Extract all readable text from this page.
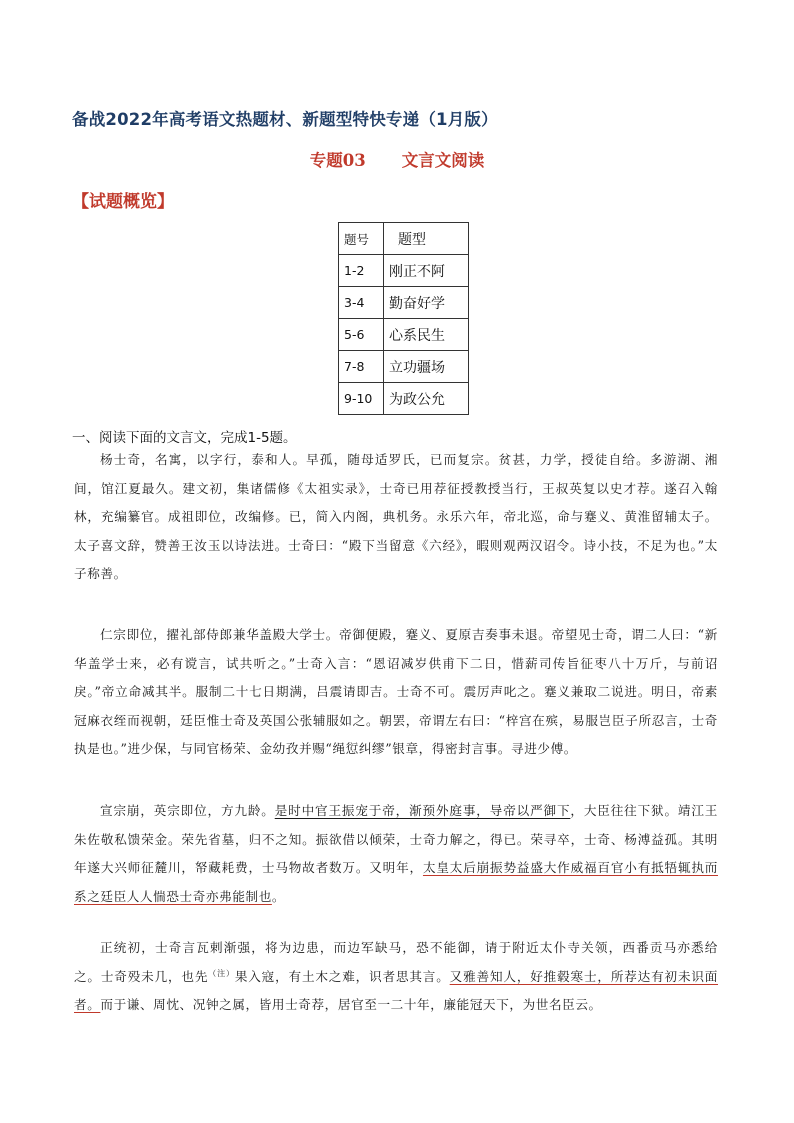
备战2022年高考语文热题材、新题型特快专递（1月版）
专题03 文言文阅读
【试题概览】
题号	题型
1-2	刚正不阿
3-4	勤奋好学
5-6	心系民生
7-8	立功疆场
9-10	为政公允
一、阅读下面的文言文，完成1-5题。
杨士奇，名寓，以字行，泰和人。早孤，随母适罗氏，已而复宗。贫甚，力学，授徒自给。多游湖、湘间，馆江夏最久。建文初，集诸儒修《太祖实录》，士奇已用荐征授教授当行，王叔英复以史才荐。遂召入翰林，充编纂官。成祖即位，改编修。已，简入内阁，典机务。永乐六年，帝北巡，命与蹇义、黄淮留辅太子。太子喜文辞，赞善王汝玉以诗法进。士奇曰：“殿下当留意《六经》，暇则观两汉诏令。诗小技，不足为也。”太子称善。
仁宗即位，擢礼部侍郎兼华盖殿大学士。帝御便殿，蹇义、夏原吉奏事未退。帝望见士奇，谓二人曰：“新华盖学士来，必有谠言，试共听之。”士奇入言：“恩诏减岁供甫下二日，惜薪司传旨征枣八十万斤，与前诏戾。”帝立命减其半。服制二十七日期满，吕震请即吉。士奇不可。震厉声叱之。蹇义兼取二说进。明日，帝素冠麻衣绖而视朝，廷臣惟士奇及英国公张辅服如之。朝罢，帝谓左右曰：“梓宫在殡，易服岂臣子所忍言，士奇执是也。”进少保，与同官杨荣、金幼孜并赐“绳愆纠缪”银章，得密封言事。寻进少傅。
宣宗崩，英宗即位，方九龄。是时中官王振宠于帝，渐预外庭事，导帝以严御下，大臣往往下狱。靖江王朱佐敬私馈荣金。荣先省墓，归不之知。振欲借以倾荣，士奇力解之，得已。荣寻卒，士奇、杨溥益孤。其明年遂大兴师征麓川，帑藏耗费，士马物故者数万。又明年，太皇太后崩振势益盛大作威福百官小有抵牾辄执而系之廷臣人人惴恐士奇亦弗能制也。
正统初，士奇言瓦剌渐强，将为边患，而边军缺马，恐不能御，请于附近太仆寺关领，西番贡马亦悉给之。士奇殁未几，也先$^{(注)}$果入寇，有土木之难，识者思其言。又雅善知人，好推毂寒士，所荐达有初未识面者。而于谦、周忱、况钟之属，皆用士奇荐，居官至一二十年，廉能冠天下，为世名臣云。
